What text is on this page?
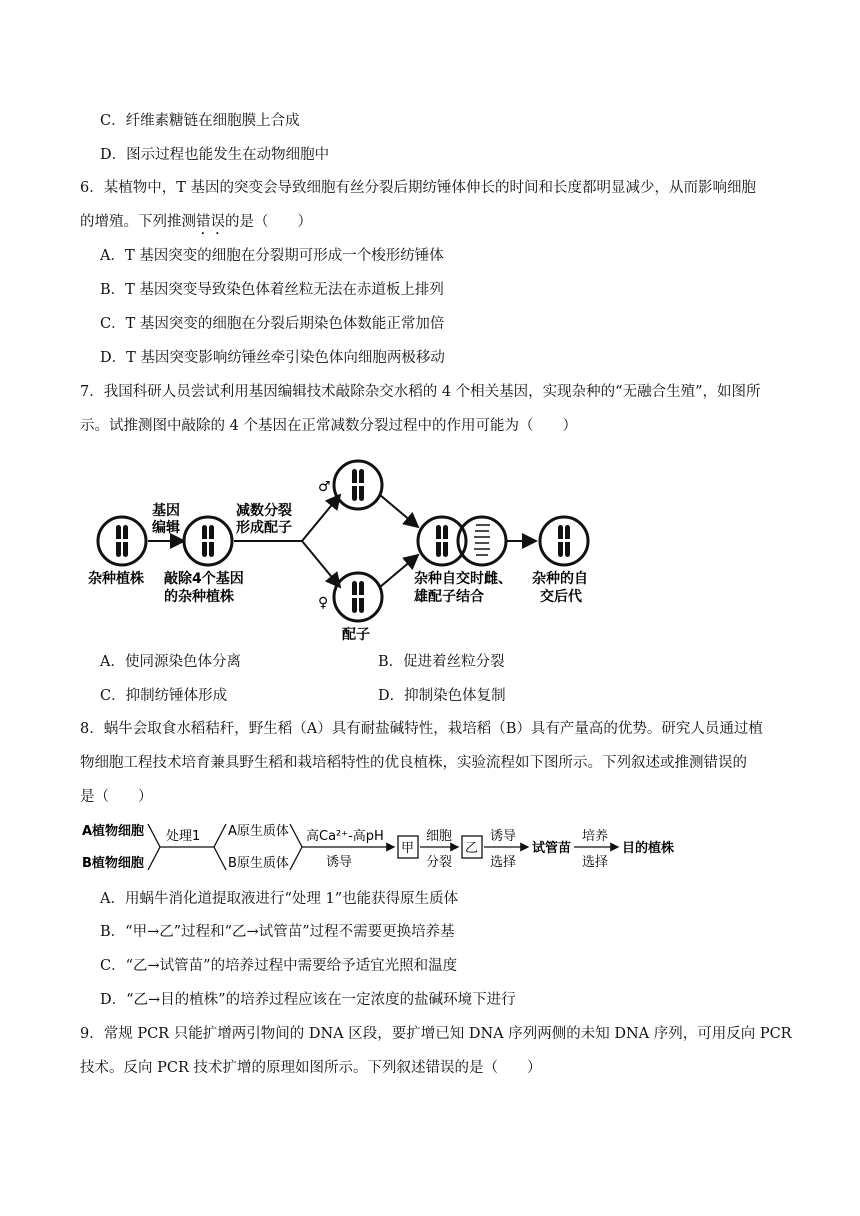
C．纤维素糖链在细胞膜上合成
D．图示过程也能发生在动物细胞中
6．某植物中，T 基因的突变会导致细胞有丝分裂后期纺锤体伸长的时间和长度都明显减少，从而影响细胞
的增殖。下列推测错误的是（　　）
A．T 基因突变的细胞在分裂期可形成一个梭形纺锤体
B．T 基因突变导致染色体着丝粒无法在赤道板上排列
C．T 基因突变的细胞在分裂后期染色体数能正常加倍
D．T 基因突变影响纺锤丝牵引染色体向细胞两极移动
7．我国科研人员尝试利用基因编辑技术敲除杂交水稻的 4 个相关基因，实现杂种的“无融合生殖”，如图所
示。试推测图中敲除的 4 个基因在正常减数分裂过程中的作用可能为（　　）
杂种植株
基因
编辑
敲除4个基因
的杂种植株
减数分裂
形成配子
♂
♀
配子
杂种自交时雌、
雄配子结合
杂种的自
交后代
A．使同源染色体分离	B．促进着丝粒分裂
C．抑制纺锤体形成	D．抑制染色体复制
8．蜗牛会取食水稻秸秆，野生稻（A）具有耐盐碱特性，栽培稻（B）具有产量高的优势。研究人员通过植
物细胞工程技术培育兼具野生稻和栽培稻特性的优良植株，实验流程如下图所示。下列叙述或推测错误的
是（　　）
A植物细胞
B植物细胞
处理1 A原生质体
B原生质体
高Ca²⁺-高pH
诱导
甲
细胞
分裂
乙
诱导
选择
试管苗
培养
选择
目的植株
A．用蜗牛消化道提取液进行“处理 1”也能获得原生质体
B．“甲→乙”过程和“乙→试管苗”过程不需要更换培养基
C．“乙→试管苗”的培养过程中需要给予适宜光照和温度
D．“乙→目的植株”的培养过程应该在一定浓度的盐碱环境下进行
9．常规 PCR 只能扩增两引物间的 DNA 区段，要扩增已知 DNA 序列两侧的未知 DNA 序列，可用反向 PCR
技术。反向 PCR 技术扩增的原理如图所示。下列叙述错误的是（　　）
